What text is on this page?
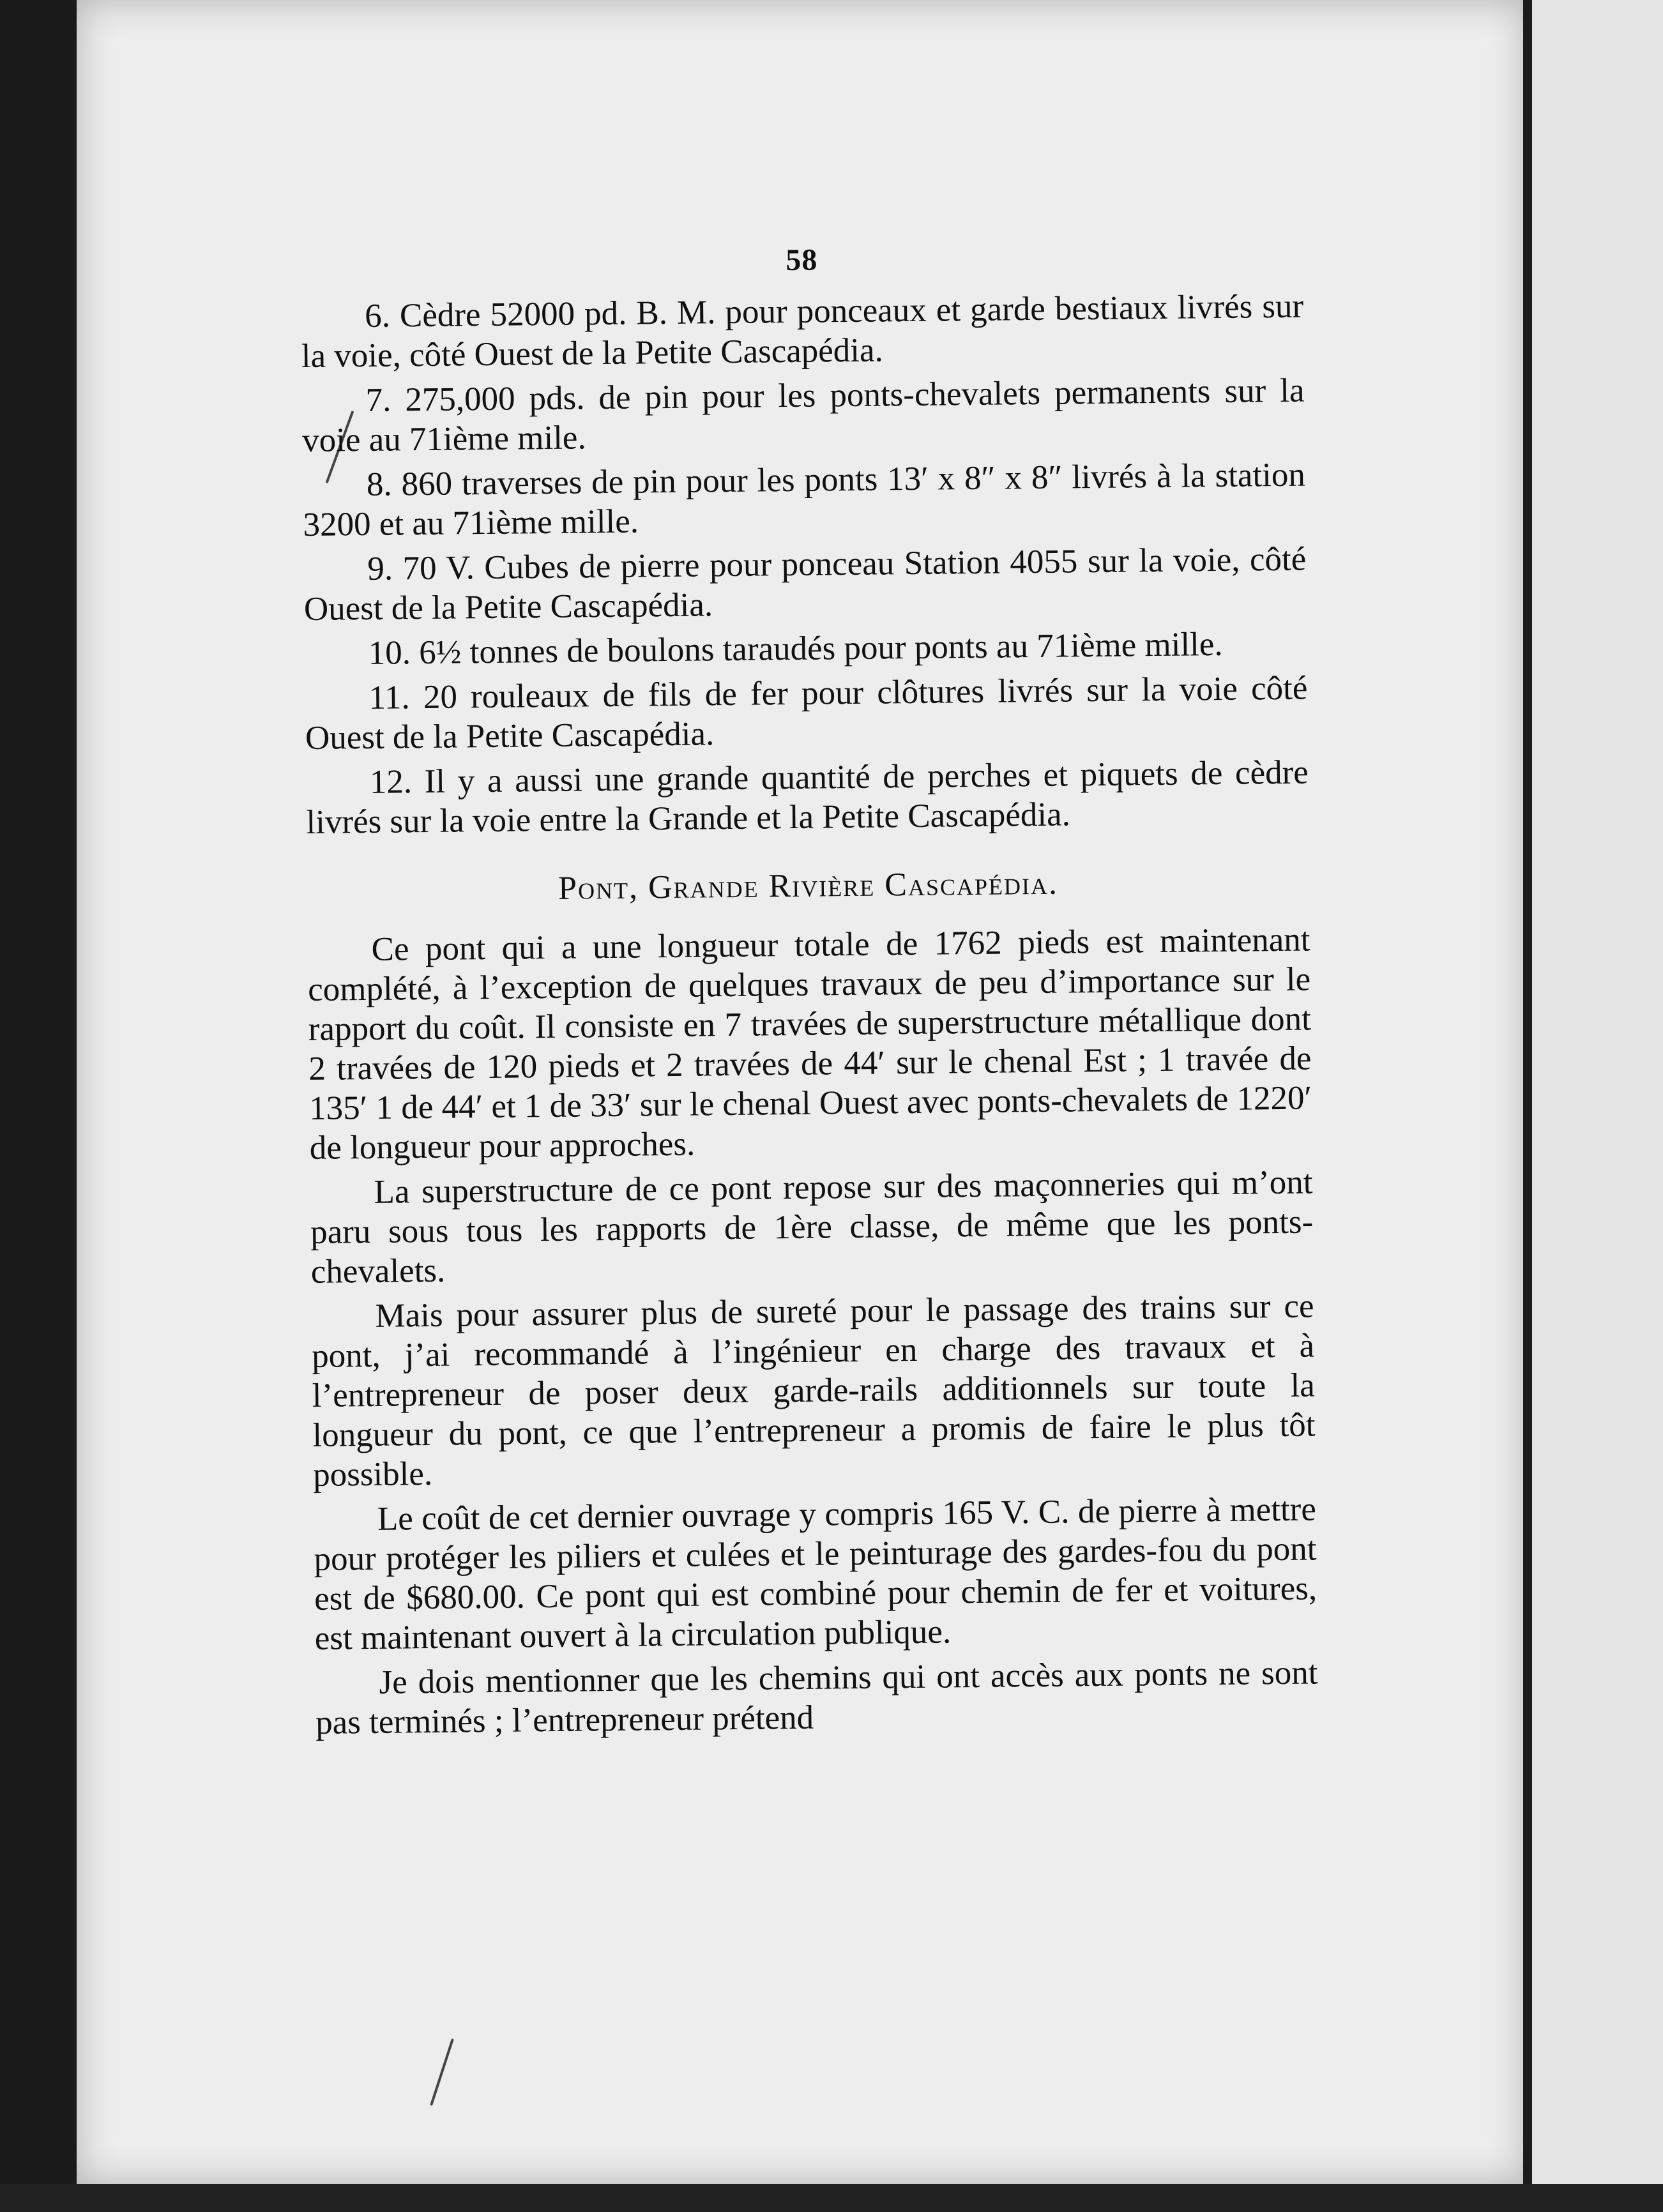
58

6. Cèdre 52000 pd. B. M. pour ponceaux et garde bestiaux livrés sur la voie, côté Ouest de la Petite Cascapédia.

7. 275,000 pds. de pin pour les ponts-chevalets permanents sur la voie au 71ième mile.

8. 860 traverses de pin pour les ponts 13′ x 8″ x 8″ livrés à la station 3200 et au 71ième mille.

9. 70 V. Cubes de pierre pour ponceau Station 4055 sur la voie, côté Ouest de la Petite Cascapédia.

10. 6½ tonnes de boulons taraudés pour ponts au 71ième mille.

11. 20 rouleaux de fils de fer pour clôtures livrés sur la voie côté Ouest de la Petite Cascapédia.

12. Il y a aussi une grande quantité de perches et piquets de cèdre livrés sur la voie entre la Grande et la Petite Cascapédia.

Pont, Grande Rivière Cascapédia.

Ce pont qui a une longueur totale de 1762 pieds est maintenant complété, à l’exception de quelques travaux de peu d’importance sur le rapport du coût. Il consiste en 7 travées de superstructure métallique dont 2 travées de 120 pieds et 2 travées de 44′ sur le chenal Est ; 1 travée de 135′ 1 de 44′ et 1 de 33′ sur le chenal Ouest avec ponts-chevalets de 1220′ de longueur pour approches.

La superstructure de ce pont repose sur des maçonneries qui m’ont paru sous tous les rapports de 1ère classe, de même que les ponts-chevalets.

Mais pour assurer plus de sureté pour le passage des trains sur ce pont, j’ai recommandé à l’ingénieur en charge des travaux et à l’entrepreneur de poser deux garde-rails additionnels sur toute la longueur du pont, ce que l’entrepreneur a promis de faire le plus tôt possible.

Le coût de cet dernier ouvrage y compris 165 V. C. de pierre à mettre pour protéger les piliers et culées et le peinturage des gardes-fou du pont est de $680.00. Ce pont qui est combiné pour chemin de fer et voitures, est maintenant ouvert à la circulation publique.

Je dois mentionner que les chemins qui ont accès aux ponts ne sont pas terminés ; l’entrepreneur prétend
